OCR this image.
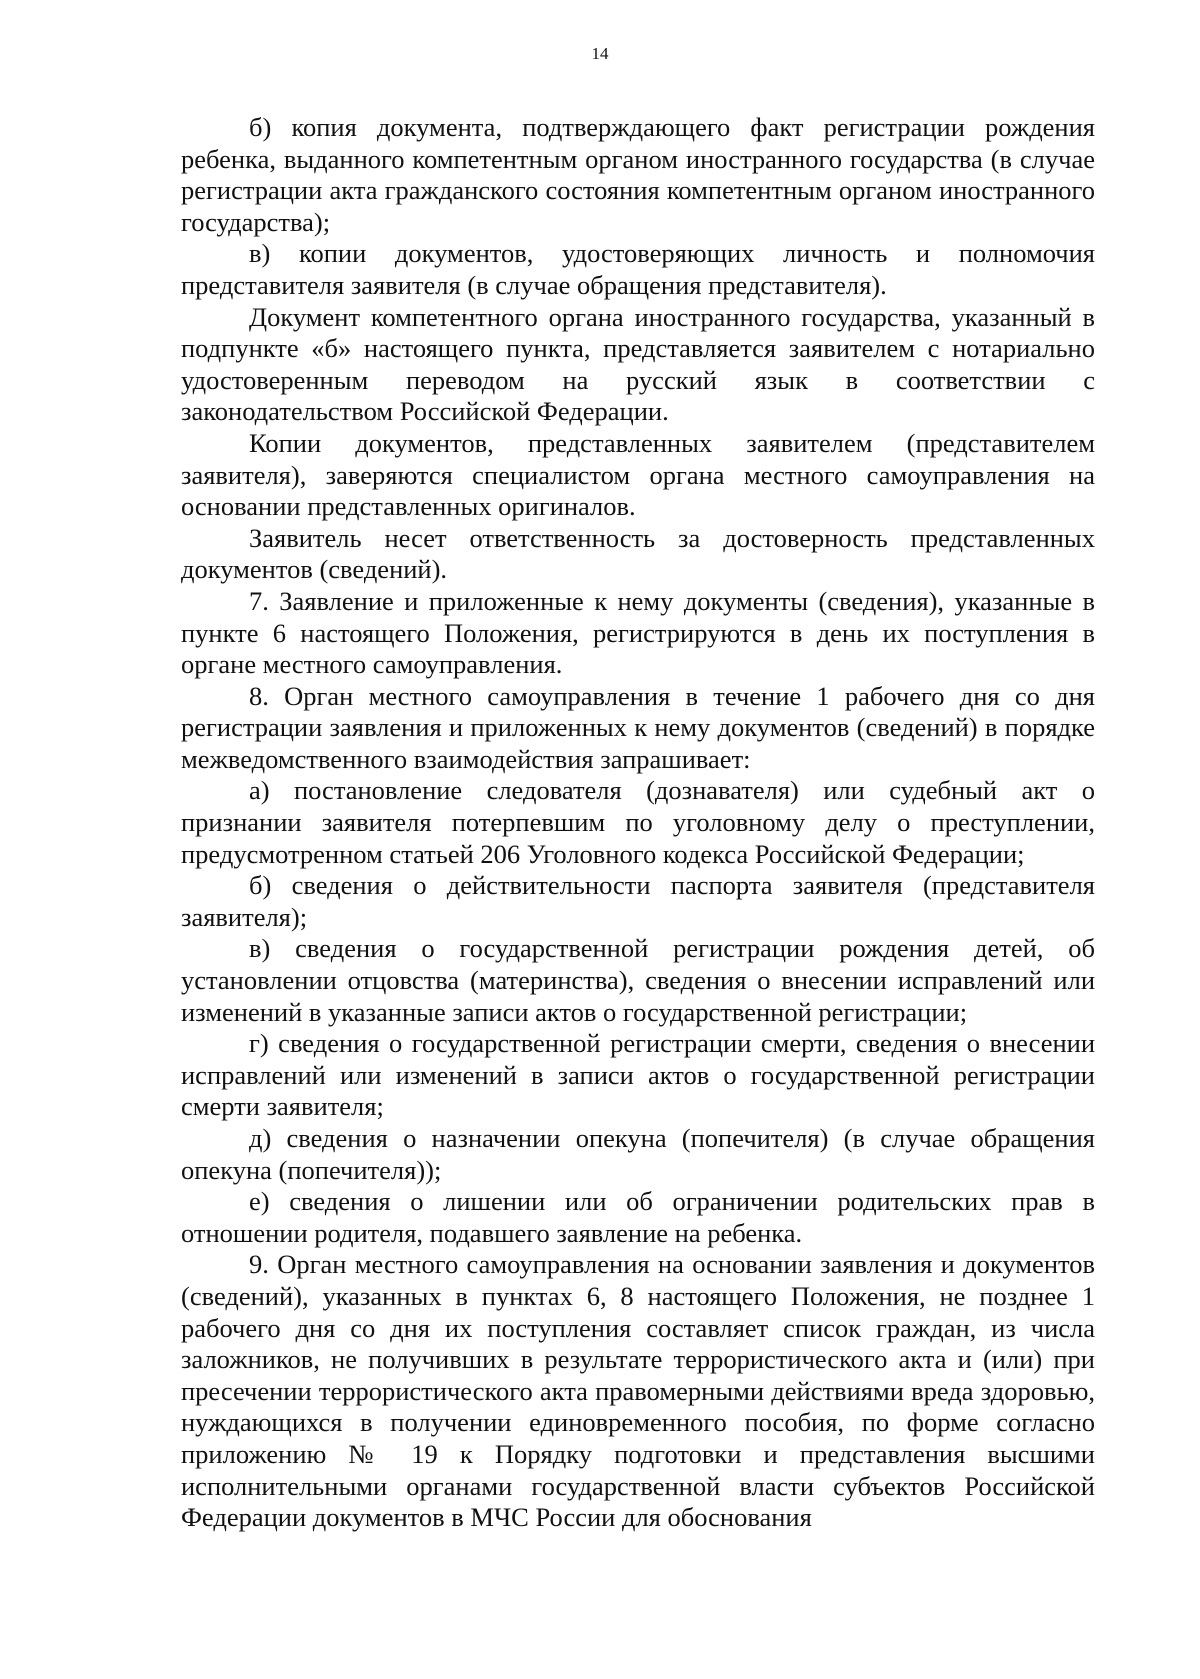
14

б) копия документа, подтверждающего факт регистрации рождения ребенка, выданного компетентным органом иностранного государства (в случае регистрации акта гражданского состояния компетентным органом иностранного государства);

в) копии документов, удостоверяющих личность и полномочия представителя заявителя (в случае обращения представителя).

Документ компетентного органа иностранного государства, указанный в подпункте «б» настоящего пункта, представляется заявителем с нотариально удостоверенным переводом на русский язык в соответствии с законодательством Российской Федерации.

Копии документов, представленных заявителем (представителем заявителя), заверяются специалистом органа местного самоуправления на основании представленных оригиналов.

Заявитель несет ответственность за достоверность представленных документов (сведений).

7. Заявление и приложенные к нему документы (сведения), указанные в пункте 6 настоящего Положения, регистрируются в день их поступления в органе местного самоуправления.

8. Орган местного самоуправления в течение 1 рабочего дня со дня регистрации заявления и приложенных к нему документов (сведений) в порядке межведомственного взаимодействия запрашивает:

а) постановление следователя (дознавателя) или судебный акт о признании заявителя потерпевшим по уголовному делу о преступлении, предусмотренном статьей 206 Уголовного кодекса Российской Федерации;

б) сведения о действительности паспорта заявителя (представителя заявителя);

в) сведения о государственной регистрации рождения детей, об установлении отцовства (материнства), сведения о внесении исправлений или изменений в указанные записи актов о государственной регистрации;

г) сведения о государственной регистрации смерти, сведения о внесении исправлений или изменений в записи актов о государственной регистрации смерти заявителя;

д) сведения о назначении опекуна (попечителя) (в случае обращения опекуна (попечителя));

е) сведения о лишении или об ограничении родительских прав в отношении родителя, подавшего заявление на ребенка.

9. Орган местного самоуправления на основании заявления и документов (сведений), указанных в пунктах 6, 8 настоящего Положения, не позднее 1 рабочего дня со дня их поступления составляет список граждан, из числа заложников, не получивших в результате террористического акта и (или) при пресечении террористического акта правомерными действиями вреда здоровью, нуждающихся в получении единовременного пособия, по форме согласно приложению № 19 к Порядку подготовки и представления высшими исполнительными органами государственной власти субъектов Российской Федерации документов в МЧС России для обоснования
